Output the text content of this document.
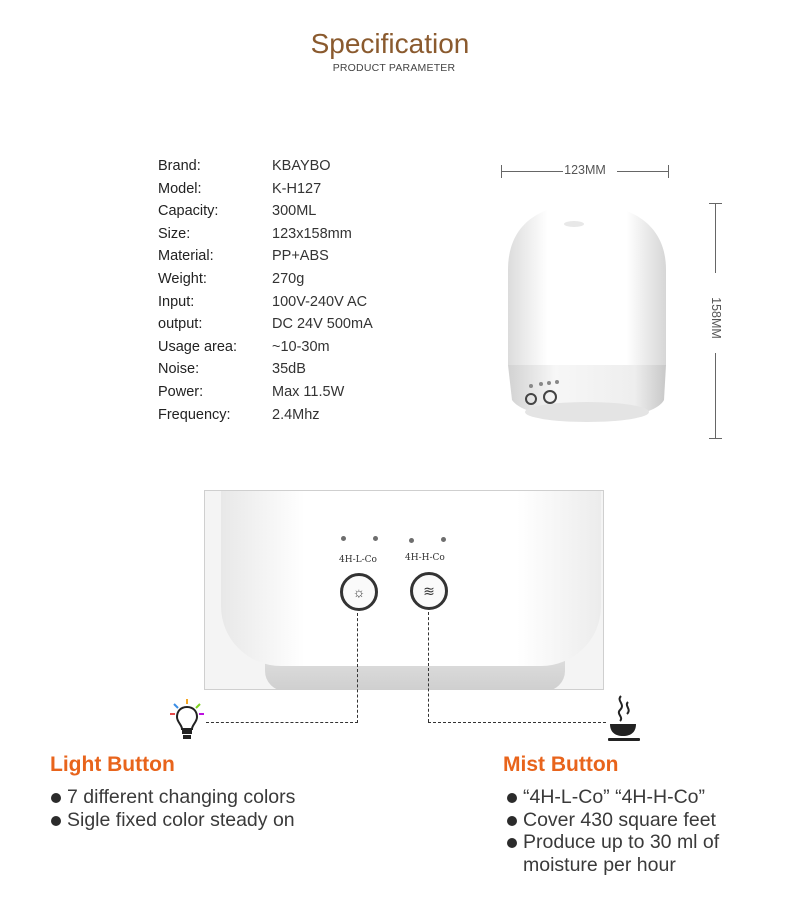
Specification
PRODUCT PARAMETER
Brand:	KBAYBO
Model:	K-H127
Capacity:	300ML
Size:	123x158mm
Material:	PP+ABS
Weight:	270g
Input:	100V-240V AC
output:	DC 24V 500mA
Usage area:	~10-30m
Noise:	35dB
Power:	Max 11.5W
Frequency:	2.4Mhz
123MM
158MM
4H-L-Co	4H-H-Co
☼	≋
Light Button
7 different changing colors
Sigle fixed color steady on
Mist Button
“4H-L-Co” “4H-H-Co”
Cover 430 square feet
Produce up to 30 ml of moisture per hour
